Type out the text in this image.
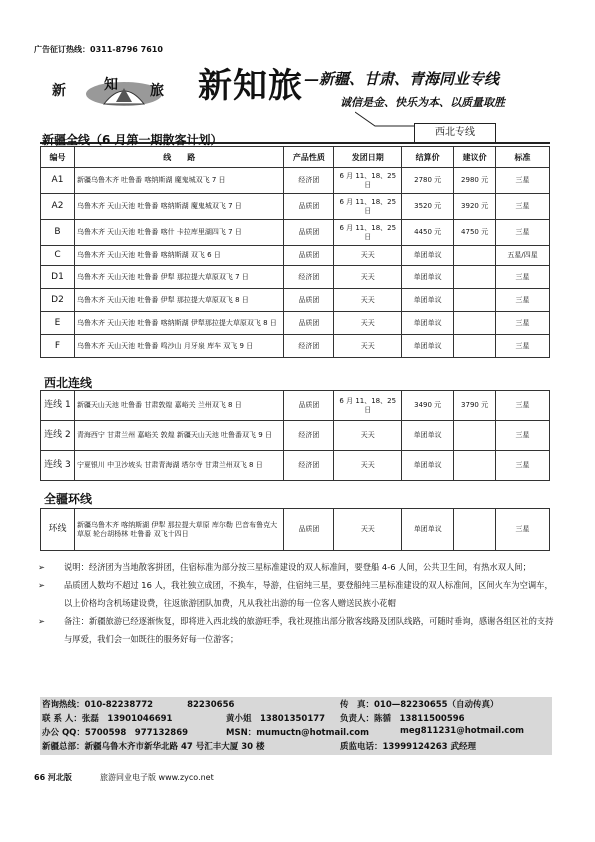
广告征订热线：0311-8796 7610
新	知 旅 新知旅 —新疆、甘肃、青海同业专线
诚信是金、快乐为本、以质量取胜
西北专线
新疆全线（6 月第一期散客计划）
编号	线　　路	产品性质	发团日期	结算价	建议价	标准
A1	新疆乌鲁木齐 吐鲁番 喀纳斯湖 魔鬼城双飞 7 日	经济团	6 月 11、18、25 日	2780 元	2980 元	三星
A2	乌鲁木齐 天山天池 吐鲁番 喀纳斯湖 魔鬼城双飞 7 日	品质团	6 月 11、18、25 日	3520 元	3920 元	三星
B	乌鲁木齐 天山天池 吐鲁番 喀什 卡拉库里湖四飞 7 日	品质团	6 月 11、18、25 日	4450 元	4750 元	三星
C	乌鲁木齐 天山天池 吐鲁番 喀纳斯湖 双飞 6 日	品质团	天天	单团单议		五星/四星
D1	乌鲁木齐 天山天池 吐鲁番 伊犁 那拉提大草原双飞 7 日	经济团	天天	单团单议		三星
D2	乌鲁木齐 天山天池 吐鲁番 伊犁 那拉提大草原双飞 8 日	品质团	天天	单团单议		三星
E	乌鲁木齐 天山天池 吐鲁番 喀纳斯湖 伊犁那拉提大草原双飞 8 日	品质团	天天	单团单议		三星
F	乌鲁木齐 天山天池 吐鲁番 鸣沙山 月牙泉 库车 双飞 9 日	经济团	天天	单团单议		三星
西北连线
连线 1	新疆天山天池 吐鲁番 甘肃敦煌 嘉峪关 兰州双飞 8 日	品质团	6 月 11、18、25 日	3490 元	3790 元	三星
连线 2	青海西宁 甘肃兰州 嘉峪关 敦煌 新疆天山天池 吐鲁番双飞 9 日	经济团	天天	单团单议		三星
连线 3	宁夏银川 中卫沙坡头 甘肃青海湖 塔尔寺 甘肃兰州双飞 8 日	经济团	天天	单团单议		三星
全疆环线
环线	新疆乌鲁木齐 喀纳斯湖 伊犁 那拉提大草原 库尔勒 巴音布鲁克大草原 轮台胡杨林 吐鲁番 双飞十四日	品质团	天天	单团单议		三星
➢ 说明：经济团为当地散客拼团，住宿标准为部分按三星标准建设的双人标准间，要登船 4-6 人间，公共卫生间，有热水双人间；
➢ 品质团人数均不超过 16 人，我社独立成团，不换车，导游，住宿纯三星，要登船纯三星标准建设的双人标准间，区间火车为空调车，以上价格均含机场建设费，往返旅游团队加费，凡从我社出游的每一位客人赠送民族小花帽
➢ 备注：新疆旅游已经逐渐恢复，即将进入西北线的旅游旺季，我社现推出部分散客线路及团队线路，可随时垂询，感谢各组区社的支持与厚爱，我们会一如既往的服务好每一位游客；
咨询热线：010-82238772　　　　82230656	传　真：010—82230655（自动传真）
联 系 人：张磊　13901046691	黄小姐　13801350177 负责人：陈循　13811500596
办公 QQ：5700598　977132869	MSN：mumuctn@hotmail.com	meg811231@hotmail.com
新疆总部：新疆乌鲁木齐市新华北路 47 号汇丰大厦 30 楼	质监电话：13999124263 武经理
66 河北版	旅游同业电子版 www.zyco.net
